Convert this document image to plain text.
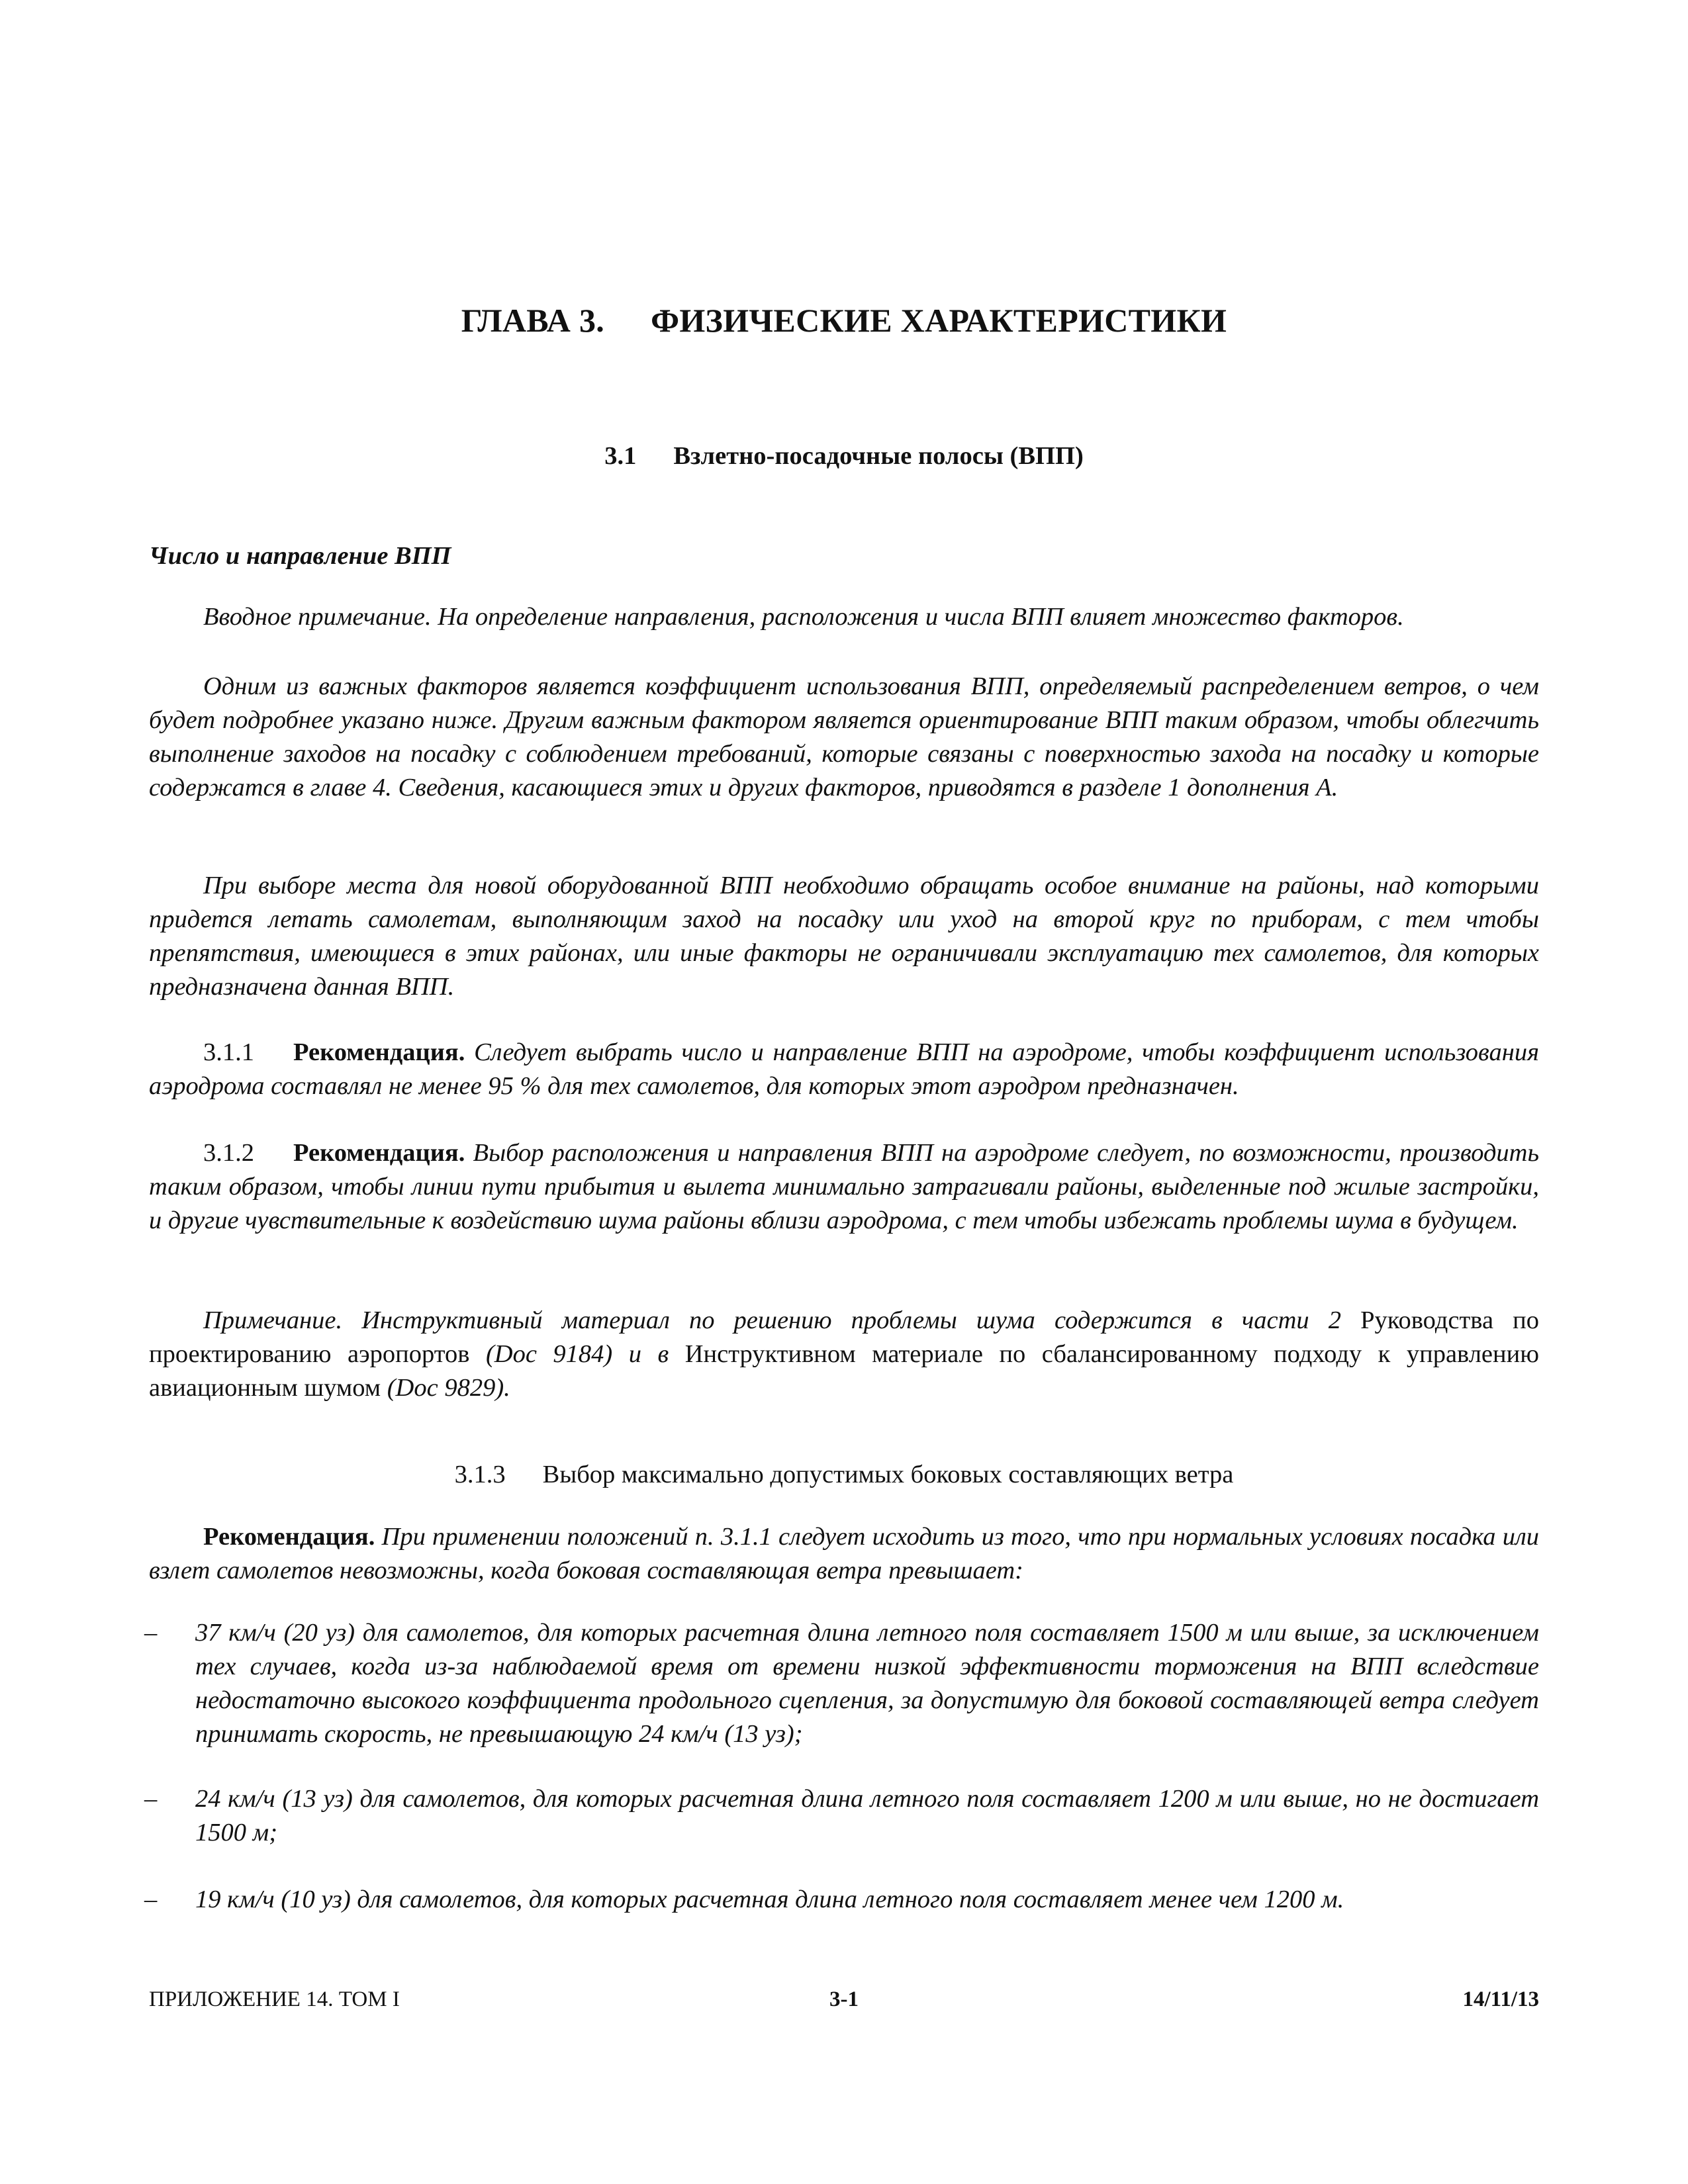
ГЛАВА 3. ФИЗИЧЕСКИЕ ХАРАКТЕРИСТИКИ
3.1 Взлетно-посадочные полосы (ВПП)
Число и направление ВПП
Вводное примечание. На определение направления, расположения и числа ВПП влияет множество факторов.
Одним из важных факторов является коэффициент использования ВПП, определяемый распределением ветров, о чем будет подробнее указано ниже. Другим важным фактором является ориентирование ВПП таким образом, чтобы облегчить выполнение заходов на посадку с соблюдением требований, которые связаны с поверхностью захода на посадку и которые содержатся в главе 4. Сведения, касающиеся этих и других факторов, приводятся в разделе 1 дополнения А.
При выборе места для новой оборудованной ВПП необходимо обращать особое внимание на районы, над которыми придется летать самолетам, выполняющим заход на посадку или уход на второй круг по приборам, с тем чтобы препятствия, имеющиеся в этих районах, или иные факторы не ограничивали эксплуатацию тех самолетов, для которых предназначена данная ВПП.
3.1.1 Рекомендация. Следует выбрать число и направление ВПП на аэродроме, чтобы коэффициент использования аэродрома составлял не менее 95 % для тех самолетов, для которых этот аэродром предназначен.
3.1.2 Рекомендация. Выбор расположения и направления ВПП на аэродроме следует, по возможности, производить таким образом, чтобы линии пути прибытия и вылета минимально затрагивали районы, выделенные под жилые застройки, и другие чувствительные к воздействию шума районы вблизи аэродрома, с тем чтобы избежать проблемы шума в будущем.
Примечание. Инструктивный материал по решению проблемы шума содержится в части 2 Руководства по проектированию аэропортов (Doc 9184) и в Инструктивном материале по сбалансированному подходу к управлению авиационным шумом (Doc 9829).
3.1.3 Выбор максимально допустимых боковых составляющих ветра
Рекомендация. При применении положений п. 3.1.1 следует исходить из того, что при нормальных условиях посадка или взлет самолетов невозможны, когда боковая составляющая ветра превышает:
– 37 км/ч (20 уз) для самолетов, для которых расчетная длина летного поля составляет 1500 м или выше, за исключением тех случаев, когда из-за наблюдаемой время от времени низкой эффективности торможения на ВПП вследствие недостаточно высокого коэффициента продольного сцепления, за допустимую для боковой составляющей ветра следует принимать скорость, не превышающую 24 км/ч (13 уз);
– 24 км/ч (13 уз) для самолетов, для которых расчетная длина летного поля составляет 1200 м или выше, но не достигает 1500 м;
– 19 км/ч (10 уз) для самолетов, для которых расчетная длина летного поля составляет менее чем 1200 м.
ПРИЛОЖЕНИЕ 14. ТОМ I	3-1	14/11/13
